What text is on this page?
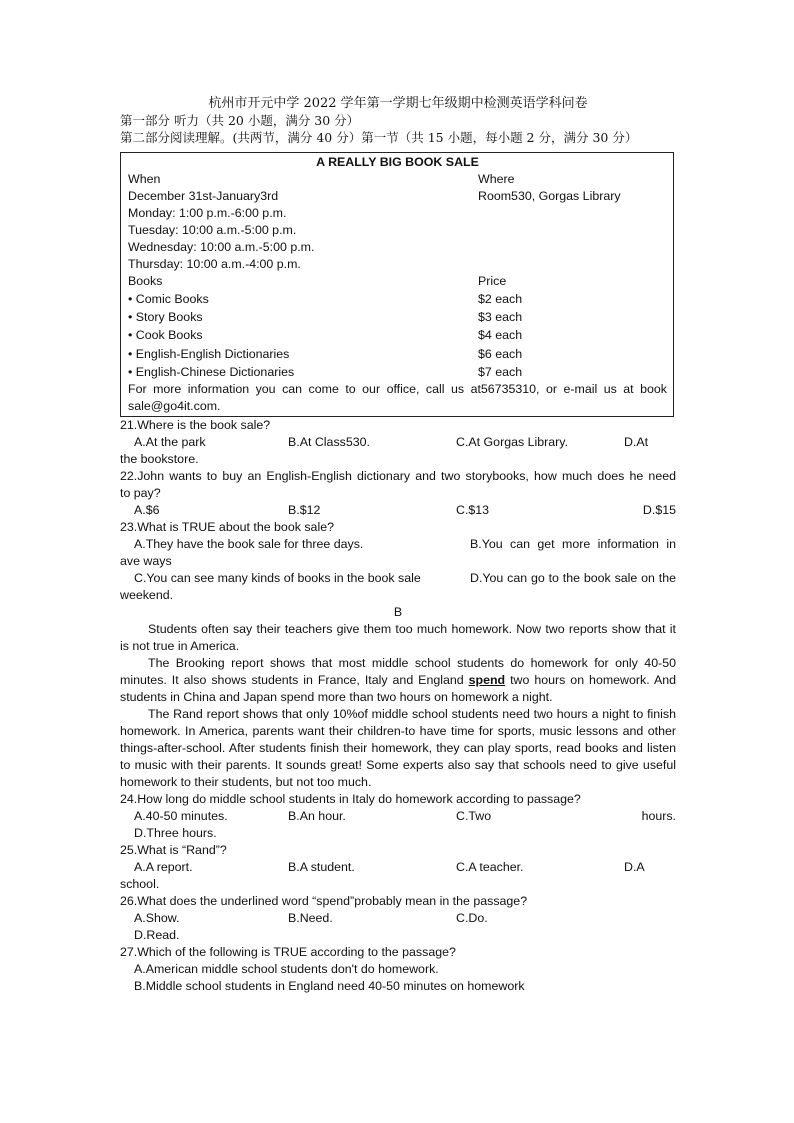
杭州市开元中学 2022 学年第一学期七年级期中检测英语学科问卷
第一部分 听力（共 20 小题，满分 30 分）
第二部分阅读理解。(共两节，满分 40 分）第一节（共 15 小题，每小题 2 分，满分 30 分）
A REALLY BIG BOOK SALE
When	Where
December 31st-January3rd	Room530, Gorgas Library
Monday: 1:00 p.m.-6:00 p.m.
Tuesday: 10:00 a.m.-5:00 p.m.
Wednesday: 10:00 a.m.-5:00 p.m.
Thursday: 10:00 a.m.-4:00 p.m.
Books	Price
• Comic Books	$2 each
• Story Books	$3 each
• Cook Books	$4 each
• English-English Dictionaries	$6 each
• English-Chinese Dictionaries	$7 each
For more information you can come to our office, call us at56735310, or e-mail us at book
sale@go4it.com.
21.Where is the book sale?
A.At the park	B.At Class530.	C.At Gorgas Library.	D.At
the bookstore.
22.John wants to buy an English-English dictionary and two storybooks, how much does he need
to pay?
A.$6	B.$12	C.$13	D.$15
23.What is TRUE about the book sale?
A.They have the book sale for three days.	B.You can get more information in
ave ways
C.You can see many kinds of books in the book sale	D.You can go to the book sale on the
weekend.
B
Students often say their teachers give them too much homework. Now two reports show that it is not true in America.
The Brooking report shows that most middle school students do homework for only 40-50 minutes. It also shows students in France, Italy and England spend two hours on homework. And students in China and Japan spend more than two hours on homework a night.
The Rand report shows that only 10%of middle school students need two hours a night to finish homework. In America, parents want their children-to have time for sports, music lessons and other things-after-school. After students finish their homework, they can play sports, read books and listen to music with their parents. It sounds great! Some experts also say that schools need to give useful homework to their students, but not too much.
24.How long do middle school students in Italy do homework according to passage?
A.40-50 minutes.	B.An hour.	C.Two	hours.
D.Three hours.
25.What is “Rand”?
A.A report.	B.A student.	C.A teacher.	D.A
school.
26.What does the underlined word “spend”probably mean in the passage?
A.Show.	B.Need.	C.Do.
D.Read.
27.Which of the following is TRUE according to the passage?
A.American middle school students don't do homework.
B.Middle school students in England need 40-50 minutes on homework
